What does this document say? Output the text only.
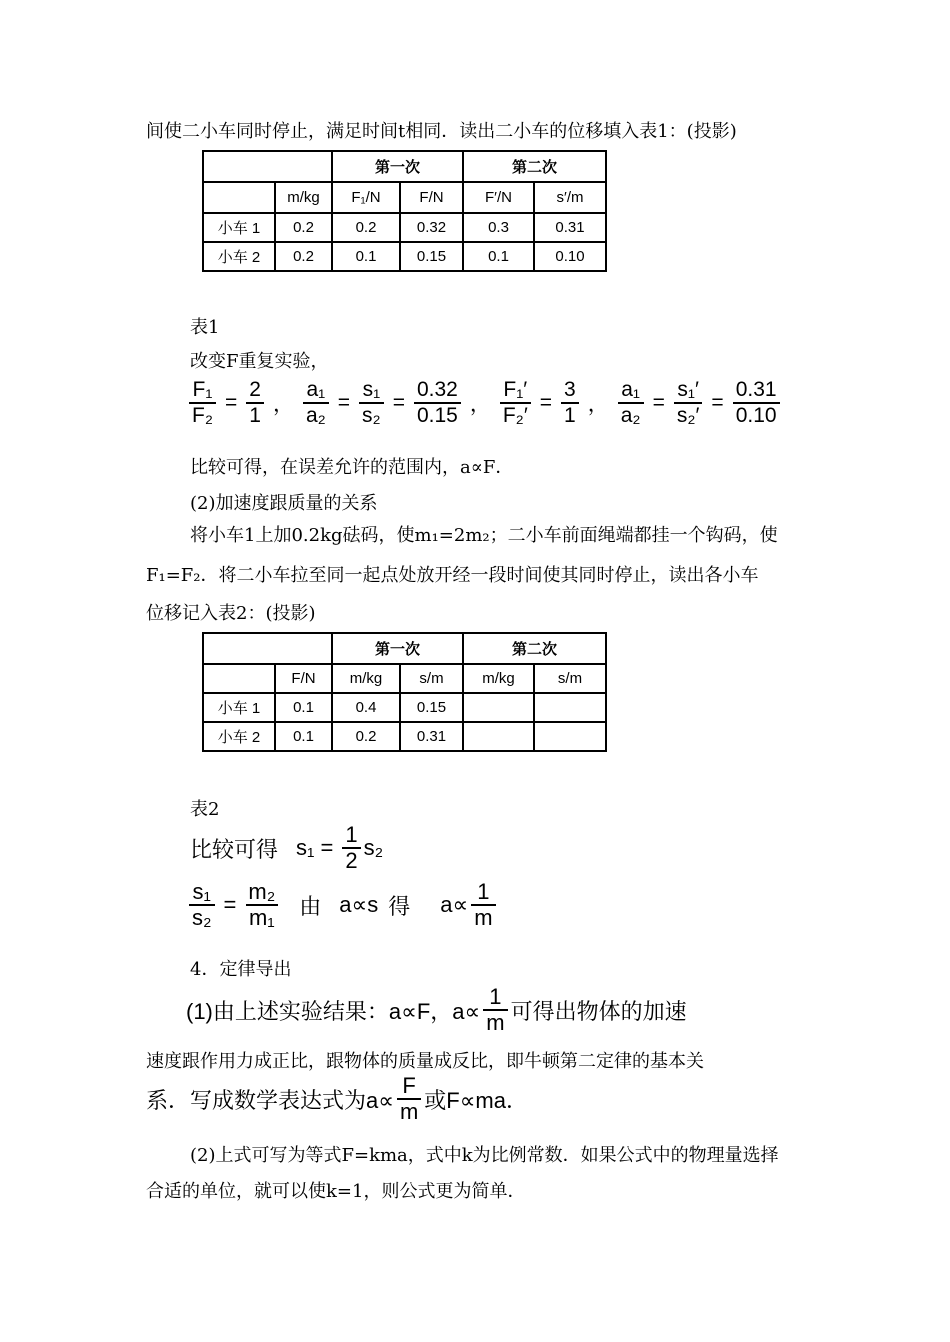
间使二小车同时停止，满足时间t相同．读出二小车的位移填入表1：(投影)
		第一次		第二次	
	m/kg	F₁/N	F/N	F′/N	s′/m
小车 1	0.2	0.2	0.32	0.3	0.31
小车 2	0.2	0.1	0.15	0.1	0.10
表1
改变F重复实验，
$\frac{\text{F₁}}{\text{F₂}} = \frac{2}{1}$ ， $\frac{\text{a₁}}{\text{a₂}} = \frac{\text{s₁}}{\text{s₂}} = \frac{0.32}{0.15}$ ， $\frac{\text{F₁′}}{\text{F₂′}} = \frac{3}{1}$ ， $\frac{\text{a₁}}{\text{a₂}} = \frac{\text{s₁′}}{\text{s₂′}} = \frac{0.31}{0.10}$
比较可得，在误差允许的范围内，a∝F．
(2)加速度跟质量的关系
将小车1上加0.2kg砝码，使m₁=2m₂；二小车前面绳端都挂一个钩码，使
F₁=F₂．将二小车拉至同一起点处放开经一段时间使其同时停止，读出各小车
位移记入表2：(投影)
		第一次		第二次	
	F/N	m/kg	s/m	m/kg	s/m
小车 1	0.1	0.4	0.15		
小车 2	0.1	0.2	0.31		
表2
比较可得 $s_1 = \frac{1}{2} s_2$
$\frac{\text{s₁}}{\text{s₂}} = \frac{\text{m₂}}{\text{m₁}}$ 由 a∝s 得 $a\propto \frac{1}{m}$
4．定律导出
(1)由上述实验结果：a∝F，$a\propto \frac{1}{m}$ 可得出物体的加速
速度跟作用力成正比，跟物体的质量成反比，即牛顿第二定律的基本关
系．写成数学表达式为$a\propto \frac{F}{m}$ 或F∝ma．
(2)上式可写为等式F=kma，式中k为比例常数．如果公式中的物理量选择
合适的单位，就可以使k=1，则公式更为简单．
